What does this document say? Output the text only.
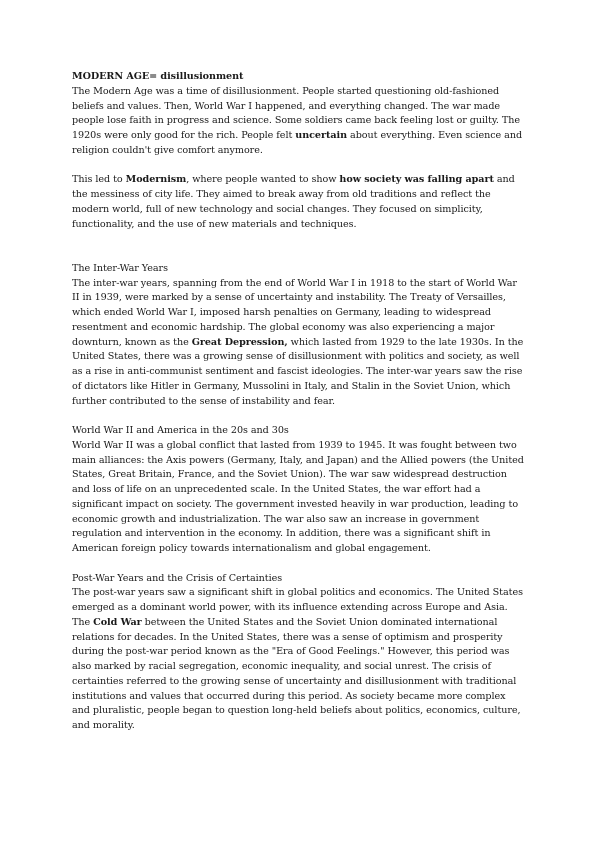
MODERN AGE= disillusionment

The Modern Age was a time of disillusionment. People started questioning old-fashioned beliefs and values. Then, World War I happened, and everything changed. The war made people lose faith in progress and science. Some soldiers came back feeling lost or guilty. The 1920s were only good for the rich. People felt uncertain about everything. Even science and religion couldn't give comfort anymore.

This led to Modernism, where people wanted to show how society was falling apart and the messiness of city life. They aimed to break away from old traditions and reflect the modern world, full of new technology and social changes. They focused on simplicity, functionality, and the use of new materials and techniques.

The Inter-War Years

The inter-war years, spanning from the end of World War I in 1918 to the start of World War II in 1939, were marked by a sense of uncertainty and instability. The Treaty of Versailles, which ended World War I, imposed harsh penalties on Germany, leading to widespread resentment and economic hardship. The global economy was also experiencing a major downturn, known as the Great Depression, which lasted from 1929 to the late 1930s. In the United States, there was a growing sense of disillusionment with politics and society, as well as a rise in anti-communist sentiment and fascist ideologies. The inter-war years saw the rise of dictators like Hitler in Germany, Mussolini in Italy, and Stalin in the Soviet Union, which further contributed to the sense of instability and fear.

World War II and America in the 20s and 30s

World War II was a global conflict that lasted from 1939 to 1945. It was fought between two main alliances: the Axis powers (Germany, Italy, and Japan) and the Allied powers (the United States, Great Britain, France, and the Soviet Union). The war saw widespread destruction and loss of life on an unprecedented scale. In the United States, the war effort had a significant impact on society. The government invested heavily in war production, leading to economic growth and industrialization. The war also saw an increase in government regulation and intervention in the economy. In addition, there was a significant shift in American foreign policy towards internationalism and global engagement.

Post-War Years and the Crisis of Certainties

The post-war years saw a significant shift in global politics and economics. The United States emerged as a dominant world power, with its influence extending across Europe and Asia. The Cold War between the United States and the Soviet Union dominated international relations for decades. In the United States, there was a sense of optimism and prosperity during the post-war period known as the "Era of Good Feelings." However, this period was also marked by racial segregation, economic inequality, and social unrest. The crisis of certainties referred to the growing sense of uncertainty and disillusionment with traditional institutions and values that occurred during this period. As society became more complex and pluralistic, people began to question long-held beliefs about politics, economics, culture, and morality.
